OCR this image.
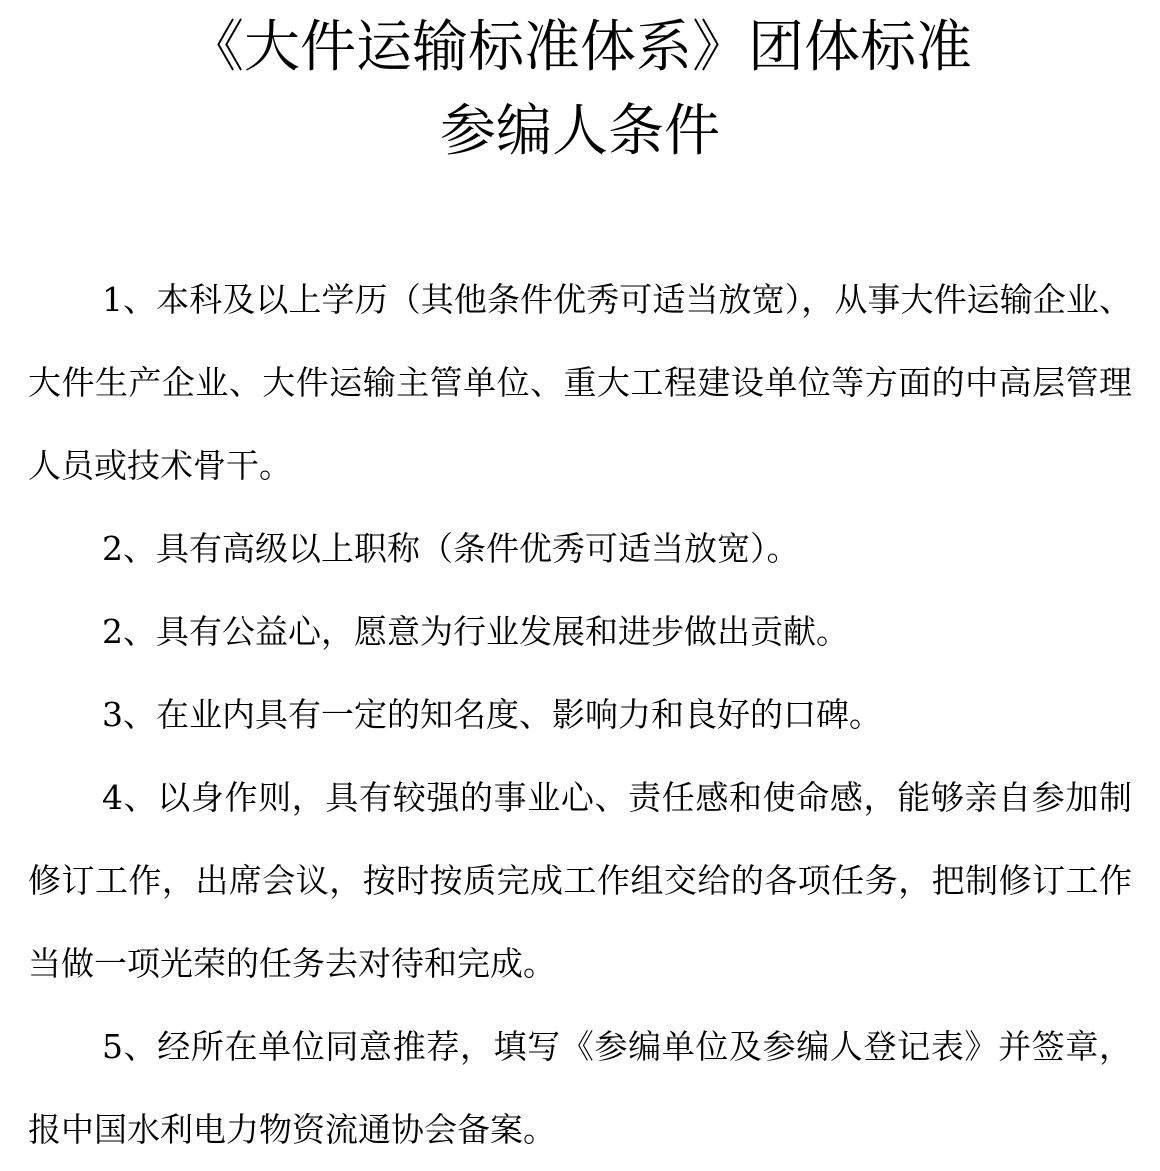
《大件运输标准体系》团体标准
参编人条件

1、本科及以上学历（其他条件优秀可适当放宽），从事大件运输企业、大件生产企业、大件运输主管单位、重大工程建设单位等方面的中高层管理人员或技术骨干。

2、具有高级以上职称（条件优秀可适当放宽）。

2、具有公益心，愿意为行业发展和进步做出贡献。

3、在业内具有一定的知名度、影响力和良好的口碑。

4、以身作则，具有较强的事业心、责任感和使命感，能够亲自参加制修订工作，出席会议，按时按质完成工作组交给的各项任务，把制修订工作当做一项光荣的任务去对待和完成。

5、经所在单位同意推荐，填写《参编单位及参编人登记表》并签章，报中国水利电力物资流通协会备案。
